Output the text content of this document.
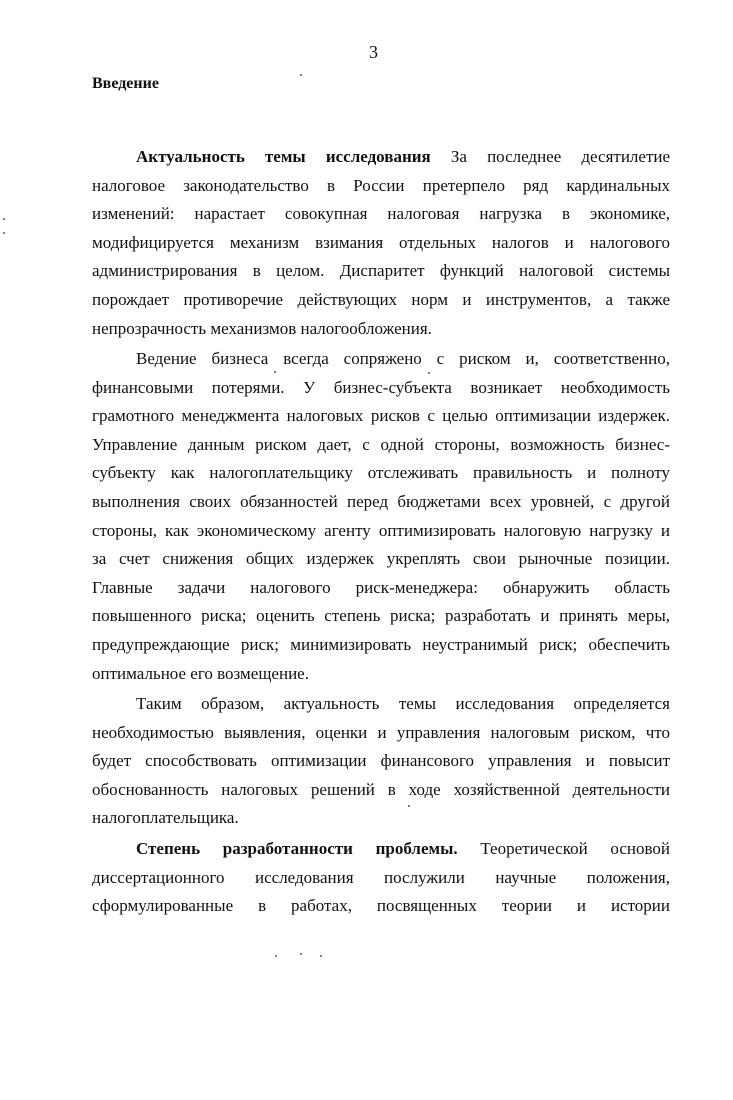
3
Введение
Актуальность темы исследования За последнее десятилетие
налоговое законодательство в России претерпело ряд кардинальных
изменений: нарастает совокупная налоговая нагрузка в экономике,
модифицируется механизм взимания отдельных налогов и налогового
администрирования в целом. Диспаритет функций налоговой системы
порождает противоречие действующих норм и инструментов, а также
непрозрачность механизмов налогообложения.
Ведение бизнеса всегда сопряжено с риском и, соответственно,
финансовыми потерями. У бизнес-субъекта возникает необходимость
грамотного менеджмента налоговых рисков с целью оптимизации издержек.
Управление данным риском дает, с одной стороны, возможность бизнес-
субъекту как налогоплательщику отслеживать правильность и полноту
выполнения своих обязанностей перед бюджетами всех уровней, с другой
стороны, как экономическому агенту оптимизировать налоговую нагрузку и
за счет снижения общих издержек укреплять свои рыночные позиции.
Главные задачи налогового риск-менеджера: обнаружить область
повышенного риска; оценить степень риска; разработать и принять меры,
предупреждающие риск; минимизировать неустранимый риск; обеспечить
оптимальное его возмещение.
Таким образом, актуальность темы исследования определяется
необходимостью выявления, оценки и управления налоговым риском, что
будет способствовать оптимизации финансового управления и повысит
обоснованность налоговых решений в ходе хозяйственной деятельности
налогоплательщика.
Степень разработанности проблемы. Теоретической основой
диссертационного исследования послужили научные положения,
сформулированные в работах, посвященных теории и истории
